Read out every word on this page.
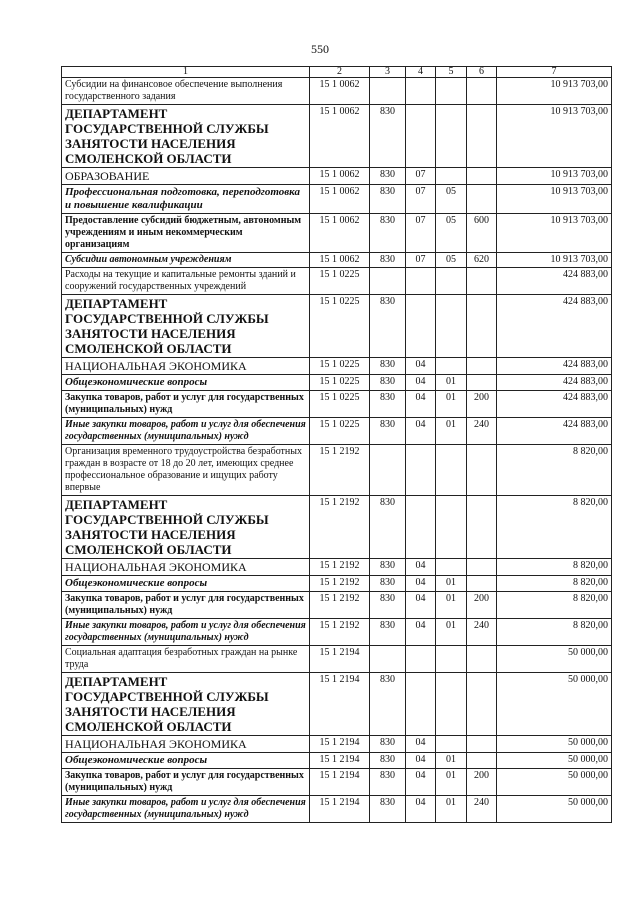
550
1	2	3	4	5	6	7
Субсидии на финансовое обеспечение выполнения государственного задания	15 1 0062					10 913 703,00
ДЕПАРТАМЕНТ ГОСУДАРСТВЕННОЙ СЛУЖБЫ ЗАНЯТОСТИ НАСЕЛЕНИЯ СМОЛЕНСКОЙ ОБЛАСТИ	15 1 0062	830				10 913 703,00
ОБРАЗОВАНИЕ	15 1 0062	830	07			10 913 703,00
Профессиональная подготовка, переподготовка и повышение квалификации	15 1 0062	830	07	05		10 913 703,00
Предоставление субсидий бюджетным, автономным учреждениям и иным некоммерческим организациям	15 1 0062	830	07	05	600	10 913 703,00
Субсидии автономным учреждениям	15 1 0062	830	07	05	620	10 913 703,00
Расходы на текущие и капитальные ремонты зданий и сооружений государственных учреждений	15 1 0225					424 883,00
ДЕПАРТАМЕНТ ГОСУДАРСТВЕННОЙ СЛУЖБЫ ЗАНЯТОСТИ НАСЕЛЕНИЯ СМОЛЕНСКОЙ ОБЛАСТИ	15 1 0225	830				424 883,00
НАЦИОНАЛЬНАЯ ЭКОНОМИКА	15 1 0225	830	04			424 883,00
Общеэкономические вопросы	15 1 0225	830	04	01		424 883,00
Закупка товаров, работ и услуг для государственных (муниципальных) нужд	15 1 0225	830	04	01	200	424 883,00
Иные закупки товаров, работ и услуг для обеспечения государственных (муниципальных) нужд	15 1 0225	830	04	01	240	424 883,00
Организация временного трудоустройства безработных граждан в возрасте от 18 до 20 лет, имеющих среднее профессиональное образование и ищущих работу впервые	15 1 2192					8 820,00
ДЕПАРТАМЕНТ ГОСУДАРСТВЕННОЙ СЛУЖБЫ ЗАНЯТОСТИ НАСЕЛЕНИЯ СМОЛЕНСКОЙ ОБЛАСТИ	15 1 2192	830				8 820,00
НАЦИОНАЛЬНАЯ ЭКОНОМИКА	15 1 2192	830	04			8 820,00
Общеэкономические вопросы	15 1 2192	830	04	01		8 820,00
Закупка товаров, работ и услуг для государственных (муниципальных) нужд	15 1 2192	830	04	01	200	8 820,00
Иные закупки товаров, работ и услуг для обеспечения государственных (муниципальных) нужд	15 1 2192	830	04	01	240	8 820,00
Социальная адаптация безработных граждан на рынке труда	15 1 2194					50 000,00
ДЕПАРТАМЕНТ ГОСУДАРСТВЕННОЙ СЛУЖБЫ ЗАНЯТОСТИ НАСЕЛЕНИЯ СМОЛЕНСКОЙ ОБЛАСТИ	15 1 2194	830				50 000,00
НАЦИОНАЛЬНАЯ ЭКОНОМИКА	15 1 2194	830	04			50 000,00
Общеэкономические вопросы	15 1 2194	830	04	01		50 000,00
Закупка товаров, работ и услуг для государственных (муниципальных) нужд	15 1 2194	830	04	01	200	50 000,00
Иные закупки товаров, работ и услуг для обеспечения государственных (муниципальных) нужд	15 1 2194	830	04	01	240	50 000,00
